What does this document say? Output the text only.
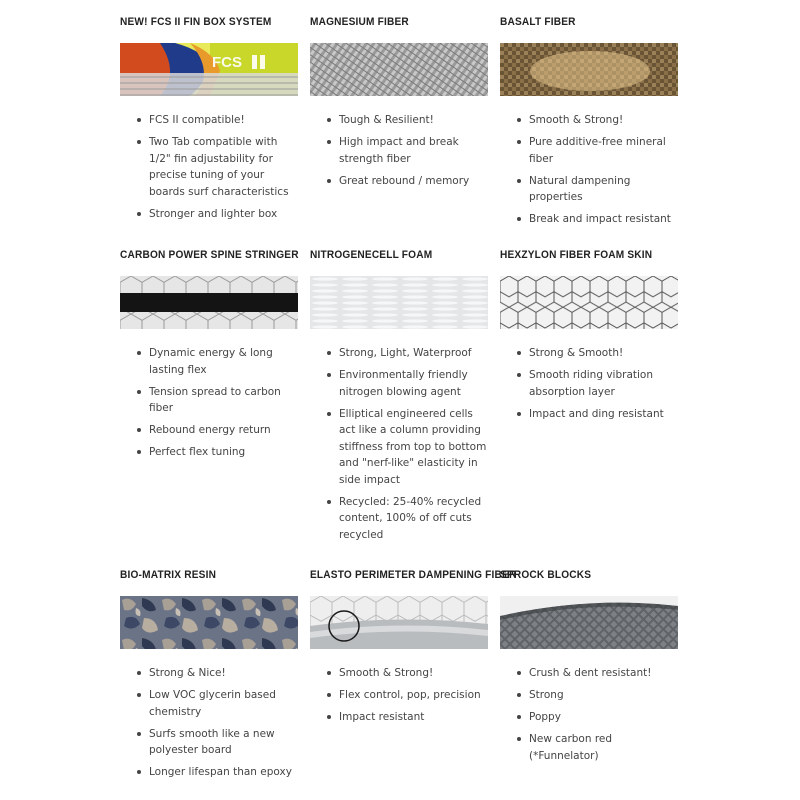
NEW! FCS II FIN BOX SYSTEM
FCS
FCS II compatible!
Two Tab compatible with 1/2" fin adjustability for precise tuning of your boards surf characteristics
Stronger and lighter box
MAGNESIUM FIBER
Tough & Resilient!
High impact and break strength fiber
Great rebound / memory
BASALT FIBER
Smooth & Strong!
Pure additive-free mineral fiber
Natural dampening properties
Break and impact resistant
CARBON POWER SPINE STRINGER
Dynamic energy & long lasting flex
Tension spread to carbon fiber
Rebound energy return
Perfect flex tuning
NITROGENECELL FOAM
Strong, Light, Waterproof
Environmentally friendly nitrogen blowing agent
Elliptical engineered cells act like a column providing stiffness from top to bottom and "nerf-like" elasticity in side impact
Recycled: 25-40% recycled content, 100% of off cuts recycled
HEXZYLON FIBER FOAM SKIN
Strong & Smooth!
Smooth riding vibration absorption layer
Impact and ding resistant
BIO-MATRIX RESIN
Strong & Nice!
Low VOC glycerin based chemistry
Surfs smooth like a new polyester board
Longer lifespan than epoxy
ELASTO PERIMETER DAMPENING FIBER
Smooth & Strong!
Flex control, pop, precision
Impact resistant
SPROCK BLOCKS
Crush & dent resistant!
Strong
Poppy
New carbon red (*Funnelator)
